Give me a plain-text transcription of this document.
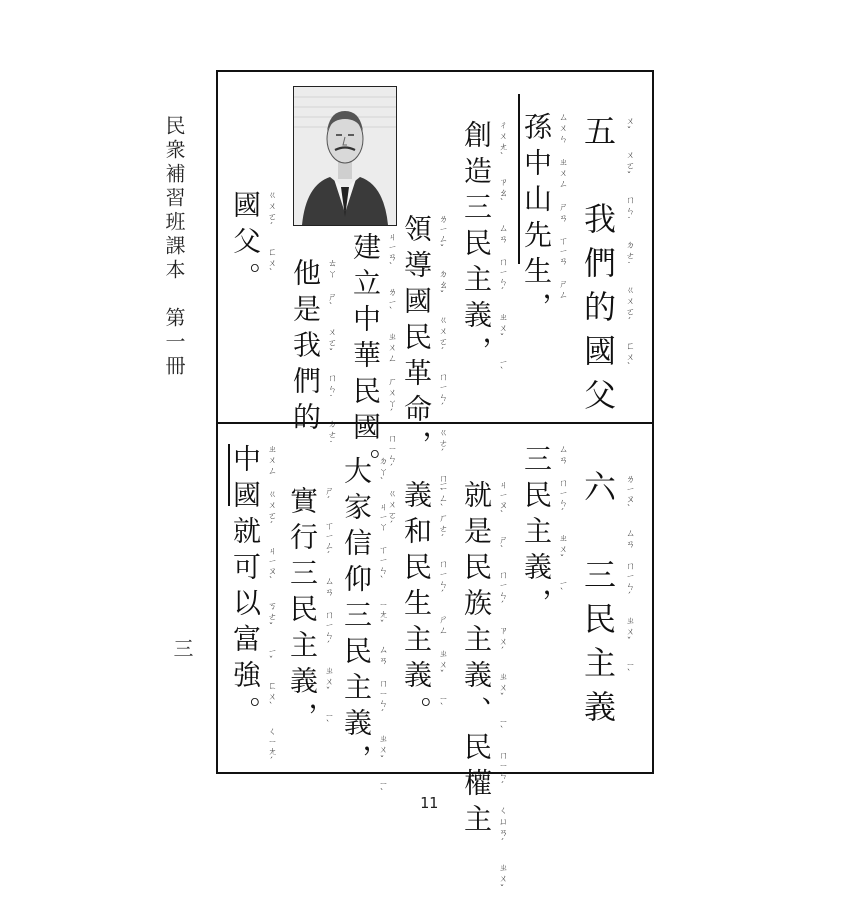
民衆補習班課本　第一冊
三
五　我們的國父 ㄨˇ　ㄨㄛˇ　ㄇㄣ˙　ㄉㄜ˙　ㄍㄨㄛˊ　ㄈㄨˋ
孫中山先生， ㄙㄨㄣ ㄓㄨㄥ ㄕㄢ ㄒㄧㄢ ㄕㄥ
創造三民主義， ㄔㄨㄤˋ ㄗㄠˋ ㄙㄢ ㄇㄧㄣˊ ㄓㄨˇ ㄧˋ
領導國民革命， ㄌㄧㄥˇ ㄉㄠˇ ㄍㄨㄛˊ ㄇㄧㄣˊ ㄍㄜˊ ㄇㄧㄥˋ
建立中華民國。 ㄐㄧㄢˋ ㄌㄧˋ ㄓㄨㄥ ㄏㄨㄚˊ ㄇㄧㄣˊ ㄍㄨㄛˊ
他是我們的 ㄊㄚ ㄕˋ ㄨㄛˇ ㄇㄣ˙ ㄉㄜ˙
國父。 ㄍㄨㄛˊ ㄈㄨˋ
六　三民主義 ㄌㄧㄡˋ　ㄙㄢ　ㄇㄧㄣˊ　ㄓㄨˇ　ㄧˋ
三民主義， ㄙㄢ ㄇㄧㄣˊ ㄓㄨˇ ㄧˋ
就是民族主義、民權主 ㄐㄧㄡˋ ㄕˋ ㄇㄧㄣˊ ㄗㄨˊ ㄓㄨˇ ㄧˋ ㄇㄧㄣˊ ㄑㄩㄢˊ ㄓㄨˇ
義和民生主義。 ㄧˋ ㄏㄜˊ ㄇㄧㄣˊ ㄕㄥ ㄓㄨˇ ㄧˋ
大家信仰三民主義， ㄉㄚˋ ㄐㄧㄚ ㄒㄧㄣˋ ㄧㄤˇ ㄙㄢ ㄇㄧㄣˊ ㄓㄨˇ ㄧˋ
實行三民主義， ㄕˊ ㄒㄧㄥˊ ㄙㄢ ㄇㄧㄣˊ ㄓㄨˇ ㄧˋ
中國就可以富強。 ㄓㄨㄥ ㄍㄨㄛˊ ㄐㄧㄡˋ ㄎㄜˇ ㄧˇ ㄈㄨˋ ㄑㄧㄤˊ
11
